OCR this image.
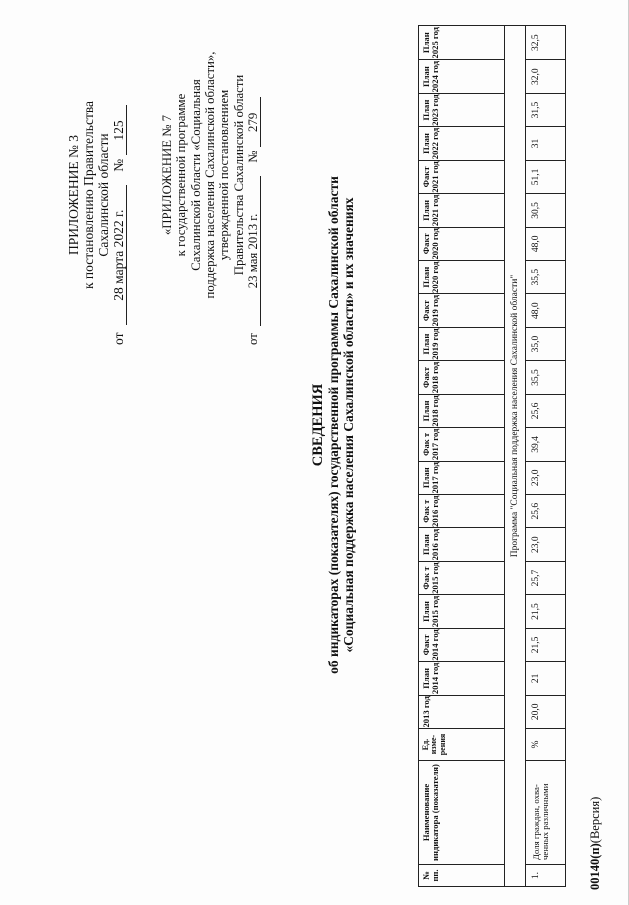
ПРИЛОЖЕНИЕ № 3 к постановлению Правительства Сахалинской области
от 28 марта 2022 г. № 125	«ПРИЛОЖЕНИЕ № 7 к государственной программе Сахалинской области «Социальная поддержка населения Сахалинской области», утвержденной постановлением Правительства Сахалинской области
от 23 мая 2013 г. № 279
СВЕДЕНИЯ об индикаторах (показателях) государственной программы Сахалинской области «Социальная поддержка населения Сахалинской области» и их значениях
№ пп.
Наименование индикатора (показателя)
Ед. изме-рения
2013 год
План 2014 год
Факт 2014 год
План 2015 год
Фак т 2015 год
План 2016 год
Фак т 2016 год
План 2017 год
Фак т 2017 год
План 2018 год
Факт 2018 год
План 2019 год
Факт 2019 год
План 2020 год
Факт 2020 год
План 2021 год
Факт 2021 год
План 2022 год
План 2023 год
План 2024 год
План 2025 год
Программа "Социальная поддержка населения Сахалинской области"
1.
Доля граждан, охва-ченных различными
%
20,0
21
21,5
21,5
25,7
23,0
25,6
23,0
39,4
25,6
35,5
35,0
48,0
35,5
48,0
30,5
51,1
31
31,5
32,0
32,5
00140(п)(Версия)
